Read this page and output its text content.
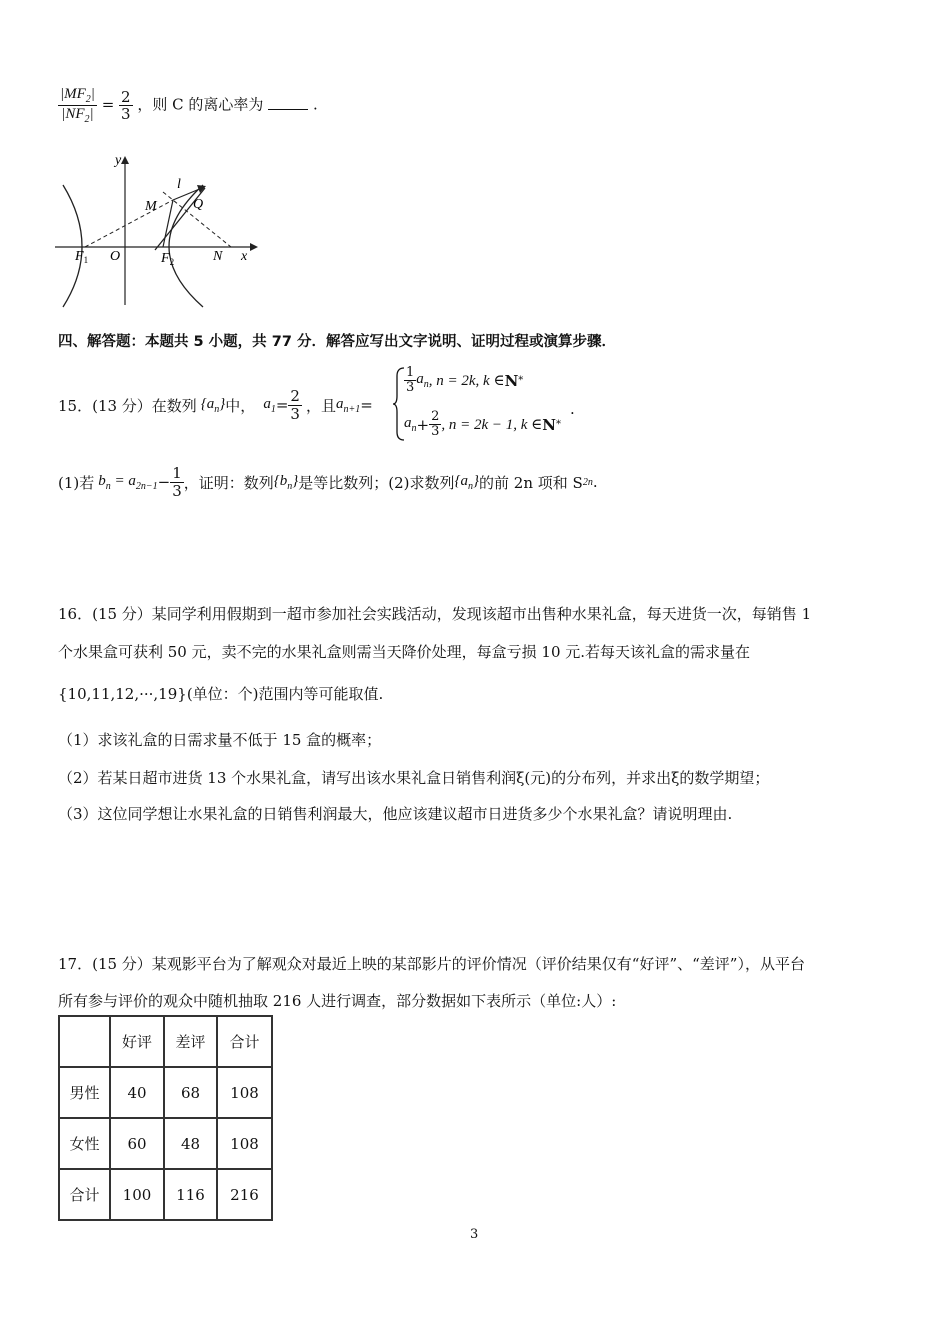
$\frac{|MF_2|}{|NF_2|} = \frac{2}{3}$ ，则 C 的离心率为	.
y
x
l
M	Q
$F_1$ O	$F_2$	N
四、解答题：本题共 5 小题，共 77 分．解答应写出文字说明、证明过程或演算步骤．
15．(13 分）在数列 $\{a_n\}$ 中， $a_1 = \frac{2}{3}$ ，且 $a_{n+1}$ =
$\frac{1}{3} a_n$ , n = 2k, k ∈ N *
$a_n + \frac{2}{3}$ , n = 2k − 1, k ∈ N *
.
(1)若 $b_n = a_{2n-1} - \frac{1}{3}$ ，证明：数列 $\{b_n\}$ 是等比数列；(2)求数列 $\{a_n\}$ 的前 2n 项和 S 2n .
16．(15 分）某同学利用假期到一超市参加社会实践活动，发现该超市出售种水果礼盒，每天进货一次，每销售 1
个水果盒可获利 50 元，卖不完的水果礼盒则需当天降价处理，每盒亏损 10 元.若每天该礼盒的需求量在
{10,11,12,···,19}(单位：个)范围内等可能取值.
（1）求该礼盒的日需求量不低于 15 盒的概率；
（2）若某日超市进货 13 个水果礼盒，请写出该水果礼盒日销售利润ξ(元)的分布列，并求出ξ的数学期望；
（3）这位同学想让水果礼盒的日销售利润最大，他应该建议超市日进货多少个水果礼盒？请说明理由.
17．(15 分）某观影平台为了解观众对最近上映的某部影片的评价情况（评价结果仅有“好评”、“差评”），从平台
所有参与评价的观众中随机抽取 216 人进行调查，部分数据如下表所示（单位:人）:
	好评	差评	合计
男性	40	68	108
女性	60	48	108
合计	100	116	216
3
